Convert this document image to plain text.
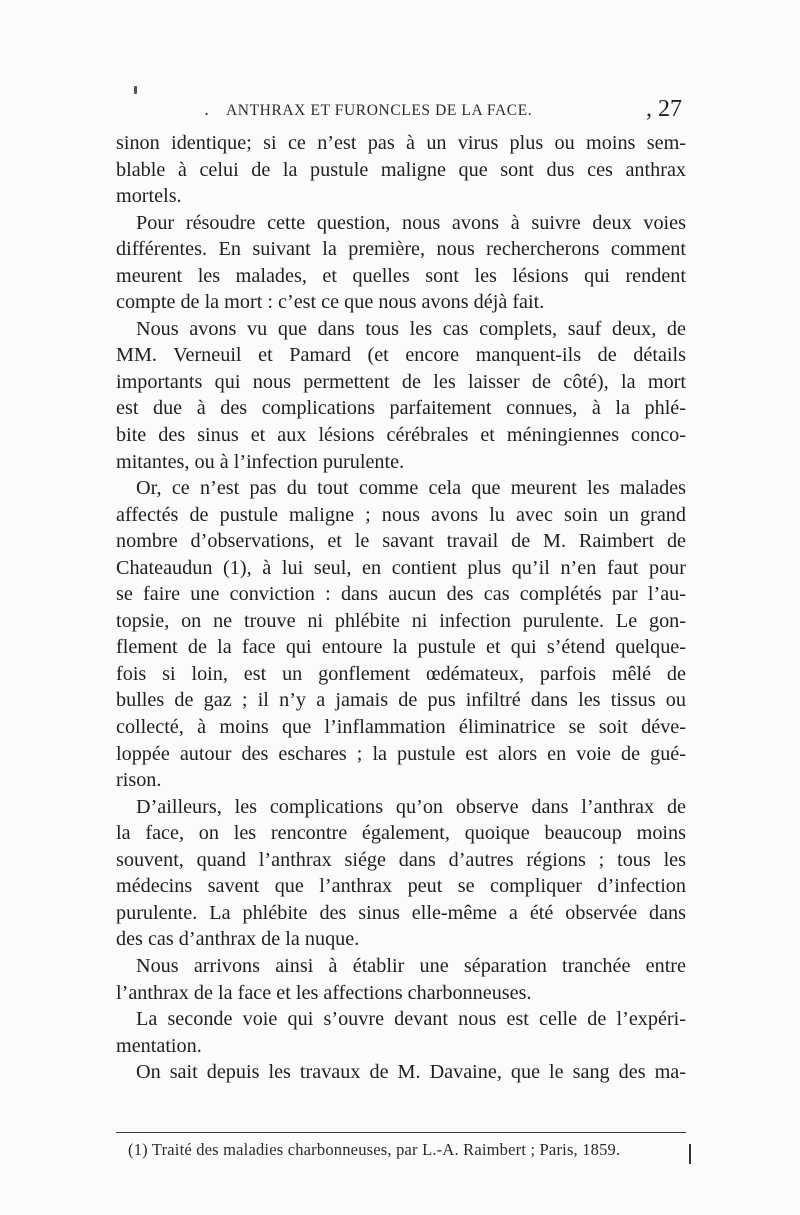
. ANTHRAX ET FURONCLES DE LA FACE.	, 27
sinon identique; si ce n’est pas à un virus plus ou moins sem-
blable à celui de la pustule maligne que sont dus ces anthrax
mortels.
Pour résoudre cette question, nous avons à suivre deux voies
différentes. En suivant la première, nous rechercherons comment
meurent les malades, et quelles sont les lésions qui rendent
compte de la mort : c’est ce que nous avons déjà fait.
Nous avons vu que dans tous les cas complets, sauf deux, de
MM. Verneuil et Pamard (et encore manquent-ils de détails
importants qui nous permettent de les laisser de côté), la mort
est due à des complications parfaitement connues, à la phlé-
bite des sinus et aux lésions cérébrales et méningiennes conco-
mitantes, ou à l’infection purulente.
Or, ce n’est pas du tout comme cela que meurent les malades
affectés de pustule maligne ; nous avons lu avec soin un grand
nombre d’observations, et le savant travail de M. Raimbert de
Chateaudun (1), à lui seul, en contient plus qu’il n’en faut pour
se faire une conviction : dans aucun des cas complétés par l’au-
topsie, on ne trouve ni phlébite ni infection purulente. Le gon-
flement de la face qui entoure la pustule et qui s’étend quelque-
fois si loin, est un gonflement œdémateux, parfois mêlé de
bulles de gaz ; il n’y a jamais de pus infiltré dans les tissus ou
collecté, à moins que l’inflammation éliminatrice se soit déve-
loppée autour des eschares ; la pustule est alors en voie de gué-
rison.
D’ailleurs, les complications qu’on observe dans l’anthrax de
la face, on les rencontre également, quoique beaucoup moins
souvent, quand l’anthrax siége dans d’autres régions ; tous les
médecins savent que l’anthrax peut se compliquer d’infection
purulente. La phlébite des sinus elle-même a été observée dans
des cas d’anthrax de la nuque.
Nous arrivons ainsi à établir une séparation tranchée entre
l’anthrax de la face et les affections charbonneuses.
La seconde voie qui s’ouvre devant nous est celle de l’expéri-
mentation.
On sait depuis les travaux de M. Davaine, que le sang des ma-
(1) Traité des maladies charbonneuses, par L.-A. Raimbert ; Paris, 1859.
